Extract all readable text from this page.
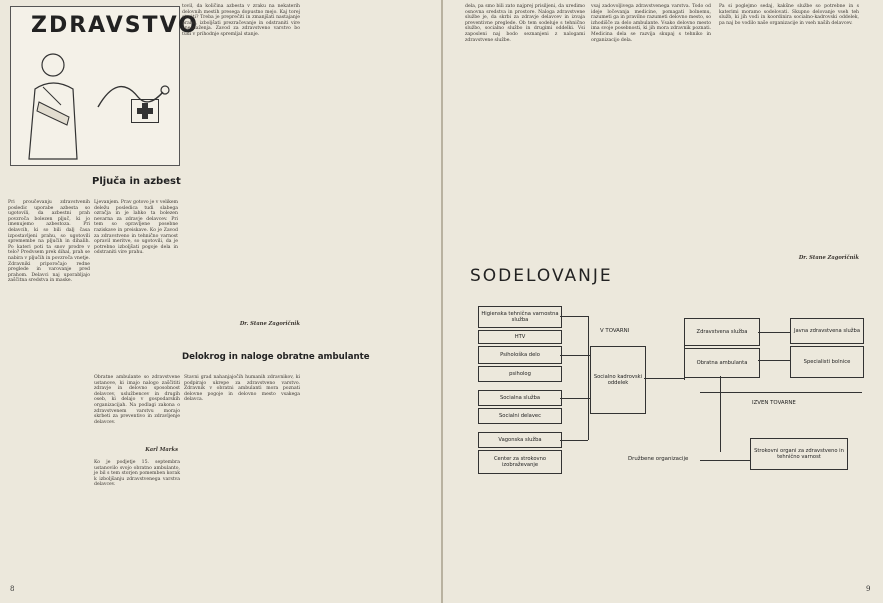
ZDRAVSTVO
tovil, da količina azbesta v zraku na nekaterih delovnih mestih presega dopustno mejo. Kaj torej storiti? Treba je preprečiti in zmanjšati nastajanje prahu, izboljšati prezračevanje in odstraniti vire onesnaženja. Zavod za zdravstveno varstvo bo tudi v prihodnje spremljal stanje.
Dr. Stane Zagoričnik
Pljuča in azbest
Pri proučevanju zdravstvenih posledic uporabe azbesta so ugotovili, da azbestni prah povzroča bolezen pljuč, ki jo imenujemo azbestoza. Pri delavcih, ki so bili dalj časa izpostavljeni prahu, so ugotovili spremembe na pljučih in dihalih. Po kateri poti ta snov prodre v telo? Predvsem prek dihal, prah se nabira v pljučih in povzroča vnetje. Zdravniki priporočajo redne preglede in varovanje pred prahom. Delavci naj uporabljajo zaščitna sredstva in maske.
Ljevanjem. Prav gotovo je v velikem deležu posledica tudi slabega ozračja in je lahko ta bolezen nevarna za zdravje delavcev. Pri tem so opravljene posebne raziskave in preiskave. Ko je Zavod za zdravstveno in tehnično varnost opravil meritve, so ugotovili, da je potrebno izboljšati pogoje dela in odstraniti vire prahu.
Delokrog in naloge obratne ambulante
Obratne ambulante so zdravstvene ustanove, ki imajo nalogo zaščititi zdravje in delovno sposobnost delavcev, uslužbencev in drugih oseb, ki delajo v gospodarskih organizacijah. Na podlagi zakona o zdravstvenem varstvu morajo skrbeti za preventivo in zdravljenje delavcev.
Karl Marks
Ko je podjetje 15. septembra ustanovilo svojo obratno ambulanto, je bil s tem storjen pomemben korak k izboljšanju zdravstvenega varstva delavcev.
Stavni grad nahanjajočih humanih zdravnikov, ki podpirajo ukrepe za zdravstveno varstvo. Zdravnik v obratni ambulanti mora poznati delovne pogoje in delovno mesto vsakega delavca.
8
dela, pa smo bili zato najprej prisiljeni, da uredimo osnovna sredstva in prostore. Naloga zdravstvene službe je, da skrbi za zdravje delavcev in izvaja preventivne preglede. Ob tem sodeluje s tehnično službo, socialno službo in drugimi oddelki. Vsi zaposleni naj bodo seznanjeni z nalogami zdravstvene službe.
vsaj zadovoljivega zdravstvenega varstva. Todo od ideje ločevanja medicine, pomagati bolnemu, razumeti ga in pravilno razumeti delovno mesto, so izhodišče za delo ambulante. Vsako delovno mesto ima svoje posebnosti, ki jih mora zdravnik poznati. Medicina dela se razvija skupaj s tehniko in organizacijo dela.
Pa si poglejmo sedaj, kakšne službe so potrebne in s katerimi moramo sodelovati. Skupno delovanje vseh teh služb, ki jih vodi in koordinira socialno-kadrovski oddelek, pa naj bo vodilo naše organizacije in vseh naših delavcev.
Dr. Stane Zagoričnik
SODELOVANJE
Higienska tehnična varnostna služba
HTV
Psihološka delo
psiholog
Socialna služba
Socialni delavec
Vagonska služba
Center za strokovno izobraževanje
V TOVARNI
Socialno kadrovski oddelek
Zdravstvena služba
Obratna ambulanta
Javna zdravstvena služba
Specialisti bolnice
IZVEN TOVARNE
Družbene organizacije
Strokovni organi za zdravstveno in tehnično varnost
9
